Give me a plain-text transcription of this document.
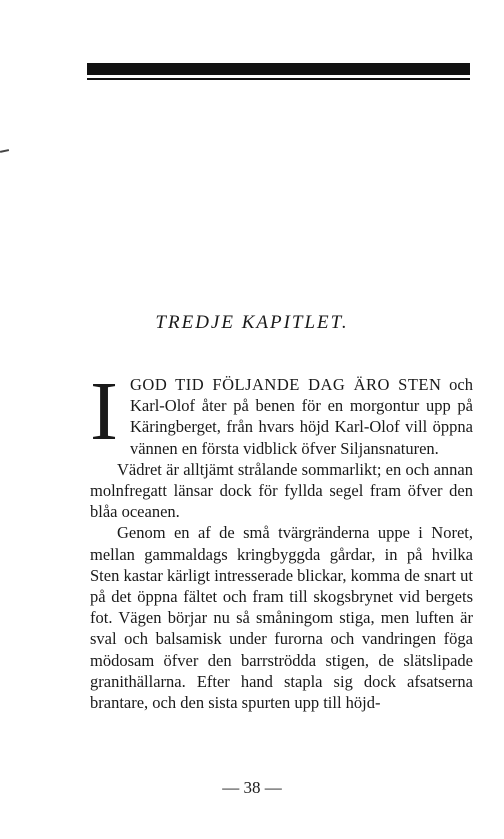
TREDJE KAPITLET.

IGOD TID FÖLJANDE DAG ÄRO STEN och Karl-Olof åter på benen för en morgontur upp på Käringberget, från hvars höjd Karl-Olof vill öppna vännen en första vidblick öfver Siljansnaturen.

Vädret är alltjämt strålande sommarlikt; en och annan molnfregatt länsar dock för fyllda segel fram öfver den blåa oceanen.

Genom en af de små tvärgränderna uppe i Noret, mellan gammaldags kringbyggda gårdar, in på hvilka Sten kastar kärligt intresserade blickar, komma de snart ut på det öppna fältet och fram till skogsbrynet vid bergets fot. Vägen börjar nu så småningom stiga, men luften är sval och balsamisk under furorna och vandringen föga mödosam öfver den barrströdda stigen, de slätslipade granithällarna. Efter hand stapla sig dock afsatserna brantare, och den sista spurten upp till höjd-

— 38 —
